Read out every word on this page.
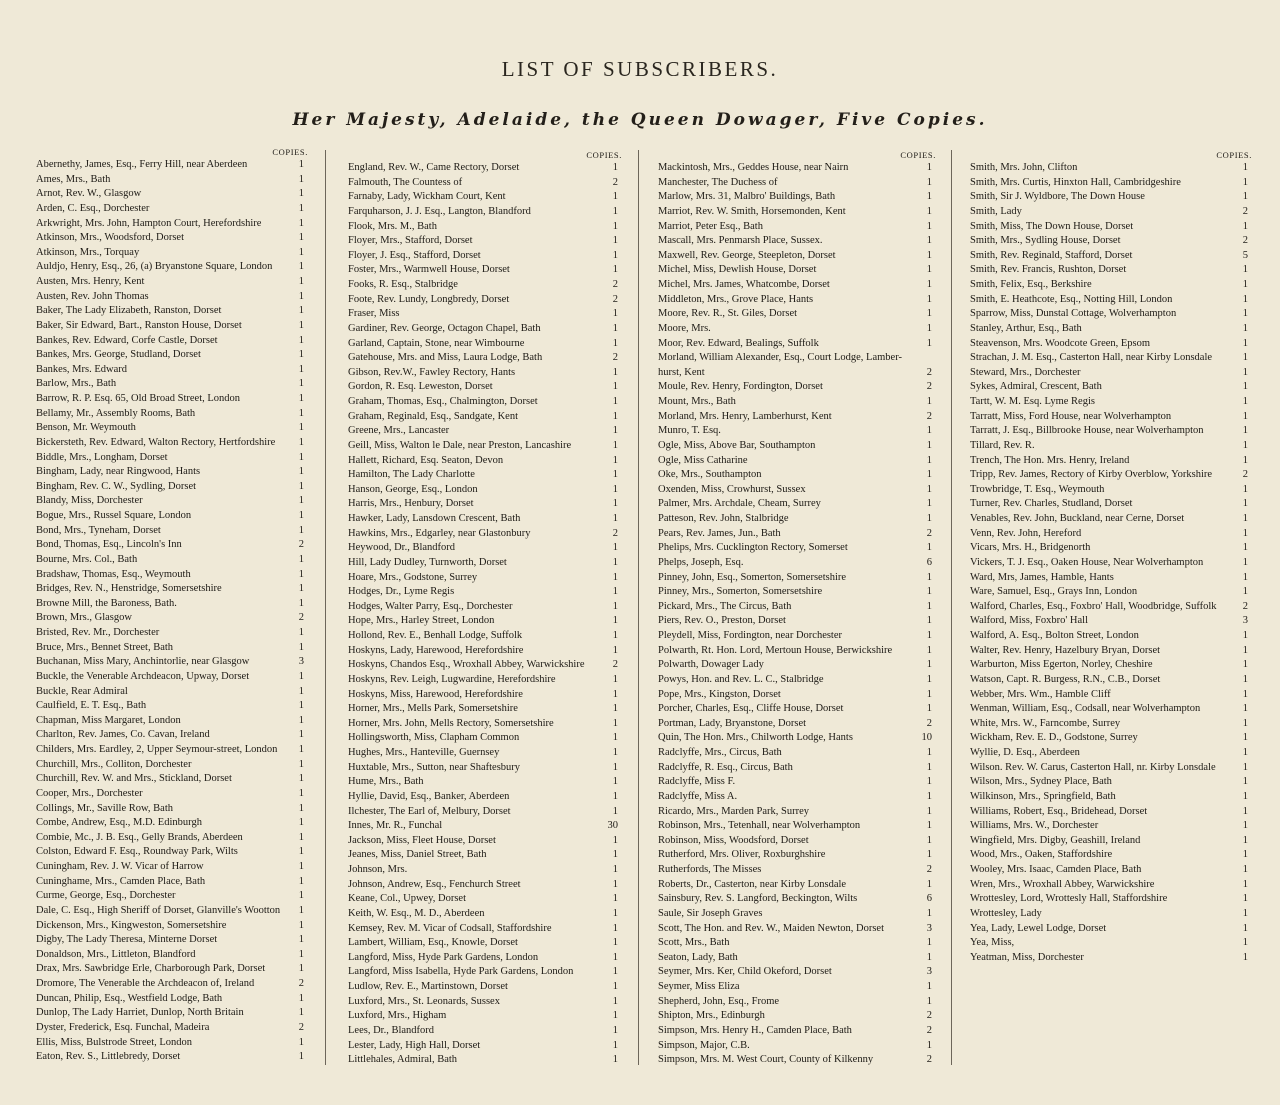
LIST OF SUBSCRIBERS.
Her Majesty, Adelaide, the Queen Dowager, Five Copies.
COPIES.
Abernethy, James, Esq., Ferry Hill, near Aberdeen	1
Ames, Mrs., Bath	1
Arnot, Rev. W., Glasgow	1
Arden, C. Esq., Dorchester	1
Arkwright, Mrs. John, Hampton Court, Herefordshire	1
Atkinson, Mrs., Woodsford, Dorset	1
Atkinson, Mrs., Torquay	1
Auldjo, Henry, Esq., 26, (a) Bryanstone Square, London	1
Austen, Mrs. Henry, Kent	1
Austen, Rev. John Thomas	1
Baker, The Lady Elizabeth, Ranston, Dorset	1
Baker, Sir Edward, Bart., Ranston House, Dorset	1
Bankes, Rev. Edward, Corfe Castle, Dorset	1
Bankes, Mrs. George, Studland, Dorset	1
Bankes, Mrs. Edward	1
Barlow, Mrs., Bath	1
Barrow, R. P. Esq. 65, Old Broad Street, London	1
Bellamy, Mr., Assembly Rooms, Bath	1
Benson, Mr. Weymouth	1
Bickersteth, Rev. Edward, Walton Rectory, Hertfordshire	1
Biddle, Mrs., Longham, Dorset	1
Bingham, Lady, near Ringwood, Hants	1
Bingham, Rev. C. W., Sydling, Dorset	1
Blandy, Miss, Dorchester	1
Bogue, Mrs., Russel Square, London	1
Bond, Mrs., Tyneham, Dorset	1
Bond, Thomas, Esq., Lincoln's Inn	2
Bourne, Mrs. Col., Bath	1
Bradshaw, Thomas, Esq., Weymouth	1
Bridges, Rev. N., Henstridge, Somersetshire	1
Browne Mill, the Baroness, Bath.	1
Brown, Mrs., Glasgow	2
Bristed, Rev. Mr., Dorchester	1
Bruce, Mrs., Bennet Street, Bath	1
Buchanan, Miss Mary, Anchintorlie, near Glasgow	3
Buckle, the Venerable Archdeacon, Upway, Dorset	1
Buckle, Rear Admiral	1
Caulfield, E. T. Esq., Bath	1
Chapman, Miss Margaret, London	1
Charlton, Rev. James, Co. Cavan, Ireland	1
Childers, Mrs. Eardley, 2, Upper Seymour-street, London	1
Churchill, Mrs., Colliton, Dorchester	1
Churchill, Rev. W. and Mrs., Stickland, Dorset	1
Cooper, Mrs., Dorchester	1
Collings, Mr., Saville Row, Bath	1
Combe, Andrew, Esq., M.D. Edinburgh	1
Combie, Mc., J. B. Esq., Gelly Brands, Aberdeen	1
Colston, Edward F. Esq., Roundway Park, Wilts	1
Cuningham, Rev. J. W. Vicar of Harrow	1
Cuninghame, Mrs., Camden Place, Bath	1
Curme, George, Esq., Dorchester	1
Dale, C. Esq., High Sheriff of Dorset, Glanville's Wootton	1
Dickenson, Mrs., Kingweston, Somersetshire	1
Digby, The Lady Theresa, Minterne Dorset	1
Donaldson, Mrs., Littleton, Blandford	1
Drax, Mrs. Sawbridge Erle, Charborough Park, Dorset	1
Dromore, The Venerable the Archdeacon of, Ireland	2
Duncan, Philip, Esq., Westfield Lodge, Bath	1
Dunlop, The Lady Harriet, Dunlop, North Britain	1
Dyster, Frederick, Esq. Funchal, Madeira	2
Ellis, Miss, Bulstrode Street, London	1
Eaton, Rev. S., Littlebredy, Dorset	1
COPIES.
England, Rev. W., Came Rectory, Dorset	1
Falmouth, The Countess of	2
Farnaby, Lady, Wickham Court, Kent	1
Farquharson, J. J. Esq., Langton, Blandford	1
Flook, Mrs. M., Bath	1
Floyer, Mrs., Stafford, Dorset	1
Floyer, J. Esq., Stafford, Dorset	1
Foster, Mrs., Warmwell House, Dorset	1
Fooks, R. Esq., Stalbridge	2
Foote, Rev. Lundy, Longbredy, Dorset	2
Fraser, Miss	1
Gardiner, Rev. George, Octagon Chapel, Bath	1
Garland, Captain, Stone, near Wimbourne	1
Gatehouse, Mrs. and Miss, Laura Lodge, Bath	2
Gibson, Rev.W., Fawley Rectory, Hants	1
Gordon, R. Esq. Leweston, Dorset	1
Graham, Thomas, Esq., Chalmington, Dorset	1
Graham, Reginald, Esq., Sandgate, Kent	1
Greene, Mrs., Lancaster	1
Geill, Miss, Walton le Dale, near Preston, Lancashire	1
Hallett, Richard, Esq. Seaton, Devon	1
Hamilton, The Lady Charlotte	1
Hanson, George, Esq., London	1
Harris, Mrs., Henbury, Dorset	1
Hawker, Lady, Lansdown Crescent, Bath	1
Hawkins, Mrs., Edgarley, near Glastonbury	2
Heywood, Dr., Blandford	1
Hill, Lady Dudley, Turnworth, Dorset	1
Hoare, Mrs., Godstone, Surrey	1
Hodges, Dr., Lyme Regis	1
Hodges, Walter Parry, Esq., Dorchester	1
Hope, Mrs., Harley Street, London	1
Hollond, Rev. E., Benhall Lodge, Suffolk	1
Hoskyns, Lady, Harewood, Herefordshire	1
Hoskyns, Chandos Esq., Wroxhall Abbey, Warwickshire	2
Hoskyns, Rev. Leigh, Lugwardine, Herefordshire	1
Hoskyns, Miss, Harewood, Herefordshire	1
Horner, Mrs., Mells Park, Somersetshire	1
Horner, Mrs. John, Mells Rectory, Somersetshire	1
Hollingsworth, Miss, Clapham Common	1
Hughes, Mrs., Hanteville, Guernsey	1
Huxtable, Mrs., Sutton, near Shaftesbury	1
Hume, Mrs., Bath	1
Hyllie, David, Esq., Banker, Aberdeen	1
Ilchester, The Earl of, Melbury, Dorset	1
Innes, Mr. R., Funchal	30
Jackson, Miss, Fleet House, Dorset	1
Jeanes, Miss, Daniel Street, Bath	1
Johnson, Mrs.	1
Johnson, Andrew, Esq., Fenchurch Street	1
Keane, Col., Upwey, Dorset	1
Keith, W. Esq., M. D., Aberdeen	1
Kemsey, Rev. M. Vicar of Codsall, Staffordshire	1
Lambert, William, Esq., Knowle, Dorset	1
Langford, Miss, Hyde Park Gardens, London	1
Langford, Miss Isabella, Hyde Park Gardens, London	1
Ludlow, Rev. E., Martinstown, Dorset	1
Luxford, Mrs., St. Leonards, Sussex	1
Luxford, Mrs., Higham	1
Lees, Dr., Blandford	1
Lester, Lady, High Hall, Dorset	1
Littlehales, Admiral, Bath	1
COPIES.
Mackintosh, Mrs., Geddes House, near Nairn	1
Manchester, The Duchess of	1
Marlow, Mrs. 31, Malbro' Buildings, Bath	1
Marriot, Rev. W. Smith, Horsemonden, Kent	1
Marriot, Peter Esq., Bath	1
Mascall, Mrs. Penmarsh Place, Sussex.	1
Maxwell, Rev. George, Steepleton, Dorset	1
Michel, Miss, Dewlish House, Dorset	1
Michel, Mrs. James, Whatcombe, Dorset	1
Middleton, Mrs., Grove Place, Hants	1
Moore, Rev. R., St. Giles, Dorset	1
Moore, Mrs.	1
Moor, Rev. Edward, Bealings, Suffolk	1
Morland, William Alexander, Esq., Court Lodge, Lamber-
hurst, Kent	2
Moule, Rev. Henry, Fordington, Dorset	2
Mount, Mrs., Bath	1
Morland, Mrs. Henry, Lamberhurst, Kent	2
Munro, T. Esq.	1
Ogle, Miss, Above Bar, Southampton	1
Ogle, Miss Catharine	1
Oke, Mrs., Southampton	1
Oxenden, Miss, Crowhurst, Sussex	1
Palmer, Mrs. Archdale, Cheam, Surrey	1
Patteson, Rev. John, Stalbridge	1
Pears, Rev. James, Jun., Bath	2
Phelips, Mrs. Cucklington Rectory, Somerset	1
Phelps, Joseph, Esq.	6
Pinney, John, Esq., Somerton, Somersetshire	1
Pinney, Mrs., Somerton, Somersetshire	1
Pickard, Mrs., The Circus, Bath	1
Piers, Rev. O., Preston, Dorset	1
Pleydell, Miss, Fordington, near Dorchester	1
Polwarth, Rt. Hon. Lord, Mertoun House, Berwickshire	1
Polwarth, Dowager Lady	1
Powys, Hon. and Rev. L. C., Stalbridge	1
Pope, Mrs., Kingston, Dorset	1
Porcher, Charles, Esq., Cliffe House, Dorset	1
Portman, Lady, Bryanstone, Dorset	2
Quin, The Hon. Mrs., Chilworth Lodge, Hants	10
Radclyffe, Mrs., Circus, Bath	1
Radclyffe, R. Esq., Circus, Bath	1
Radclyffe, Miss F.	1
Radclyffe, Miss A.	1
Ricardo, Mrs., Marden Park, Surrey	1
Robinson, Mrs., Tetenhall, near Wolverhampton	1
Robinson, Miss, Woodsford, Dorset	1
Rutherford, Mrs. Oliver, Roxburghshire	1
Rutherfords, The Misses	2
Roberts, Dr., Casterton, near Kirby Lonsdale	1
Sainsbury, Rev. S. Langford, Beckington, Wilts	6
Saule, Sir Joseph Graves	1
Scott, The Hon. and Rev. W., Maiden Newton, Dorset	3
Scott, Mrs., Bath	1
Seaton, Lady, Bath	1
Seymer, Mrs. Ker, Child Okeford, Dorset	3
Seymer, Miss Eliza	1
Shepherd, John, Esq., Frome	1
Shipton, Mrs., Edinburgh	2
Simpson, Mrs. Henry H., Camden Place, Bath	2
Simpson, Major, C.B.	1
Simpson, Mrs. M. West Court, County of Kilkenny	2
COPIES.
Smith, Mrs. John, Clifton	1
Smith, Mrs. Curtis, Hinxton Hall, Cambridgeshire	1
Smith, Sir J. Wyldbore, The Down House	1
Smith, Lady	2
Smith, Miss, The Down House, Dorset	1
Smith, Mrs., Sydling House, Dorset	2
Smith, Rev. Reginald, Stafford, Dorset	5
Smith, Rev. Francis, Rushton, Dorset	1
Smith, Felix, Esq., Berkshire	1
Smith, E. Heathcote, Esq., Notting Hill, London	1
Sparrow, Miss, Dunstal Cottage, Wolverhampton	1
Stanley, Arthur, Esq., Bath	1
Steavenson, Mrs. Woodcote Green, Epsom	1
Strachan, J. M. Esq., Casterton Hall, near Kirby Lonsdale	1
Steward, Mrs., Dorchester	1
Sykes, Admiral, Crescent, Bath	1
Tartt, W. M. Esq. Lyme Regis	1
Tarratt, Miss, Ford House, near Wolverhampton	1
Tarratt, J. Esq., Billbrooke House, near Wolverhampton	1
Tillard, Rev. R.	1
Trench, The Hon. Mrs. Henry, Ireland	1
Tripp, Rev. James, Rectory of Kirby Overblow, Yorkshire	2
Trowbridge, T. Esq., Weymouth	1
Turner, Rev. Charles, Studland, Dorset	1
Venables, Rev. John, Buckland, near Cerne, Dorset	1
Venn, Rev. John, Hereford	1
Vicars, Mrs. H., Bridgenorth	1
Vickers, T. J. Esq., Oaken House, Near Wolverhampton	1
Ward, Mrs, James, Hamble, Hants	1
Ware, Samuel, Esq., Grays Inn, London	1
Walford, Charles, Esq., Foxbro' Hall, Woodbridge, Suffolk	2
Walford, Miss, Foxbro' Hall	3
Walford, A. Esq., Bolton Street, London	1
Walter, Rev. Henry, Hazelbury Bryan, Dorset	1
Warburton, Miss Egerton, Norley, Cheshire	1
Watson, Capt. R. Burgess, R.N., C.B., Dorset	1
Webber, Mrs. Wm., Hamble Cliff	1
Wenman, William, Esq., Codsall, near Wolverhampton	1
White, Mrs. W., Farncombe, Surrey	1
Wickham, Rev. E. D., Godstone, Surrey	1
Wyllie, D. Esq., Aberdeen	1
Wilson. Rev. W. Carus, Casterton Hall, nr. Kirby Lonsdale	1
Wilson, Mrs., Sydney Place, Bath	1
Wilkinson, Mrs., Springfield, Bath	1
Williams, Robert, Esq., Bridehead, Dorset	1
Williams, Mrs. W., Dorchester	1
Wingfield, Mrs. Digby, Geashill, Ireland	1
Wood, Mrs., Oaken, Staffordshire	1
Wooley, Mrs. Isaac, Camden Place, Bath	1
Wren, Mrs., Wroxhall Abbey, Warwickshire	1
Wrottesley, Lord, Wrottesly Hall, Staffordshire	1
Wrottesley, Lady	1
Yea, Lady, Lewel Lodge, Dorset	1
Yea, Miss,	1
Yeatman, Miss, Dorchester	1
